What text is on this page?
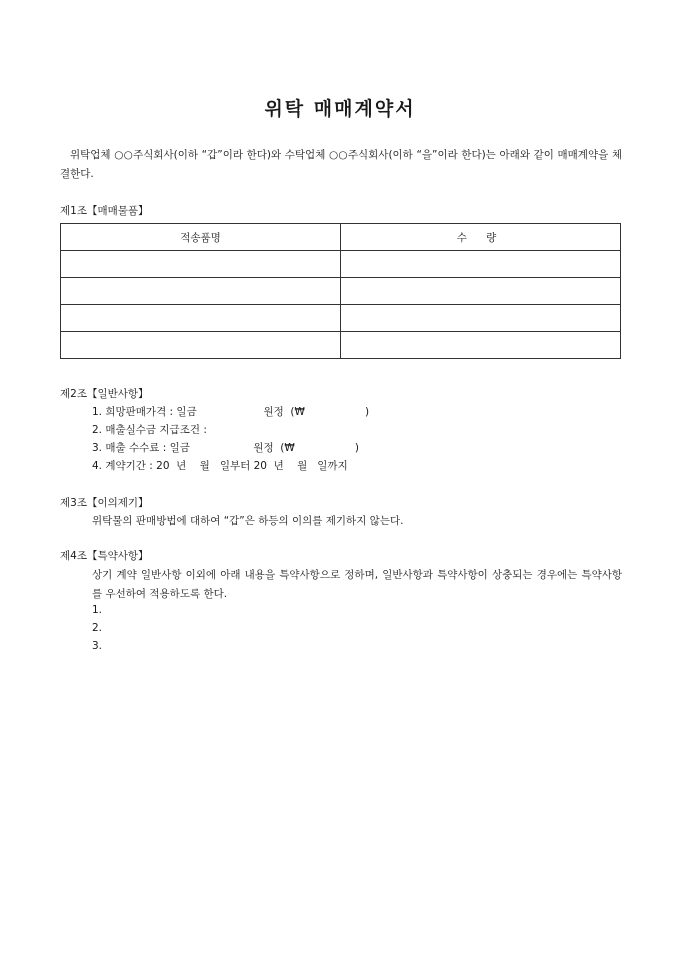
위탁 매매계약서
위탁업체 ○○주식회사(이하 “갑”이라 한다)와 수탁업체 ○○주식회사(이하 “을”이라 한다)는 아래와 같이 매매계약을 체결한다.
제1조【매매물품】
적송품명	수 량

제2조【일반사항】
1. 희망판매가격 : 일금                    원정  (₩                  )
2. 매출실수금 지급조건 :
3. 매출 수수료 : 일금                   원정  (₩                  )
4. 계약기간 : 20  년    월   일부터 20  년    월   일까지
제3조【이의제기】
위탁물의 판매방법에 대하여 “갑”은 하등의 이의를 제기하지 않는다.
제4조【특약사항】
상기 계약 일반사항 이외에 아래 내용을 특약사항으로 정하며, 일반사항과 특약사항이 상충되는 경우에는 특약사항를 우선하여 적용하도록 한다.
1.
2.
3.
